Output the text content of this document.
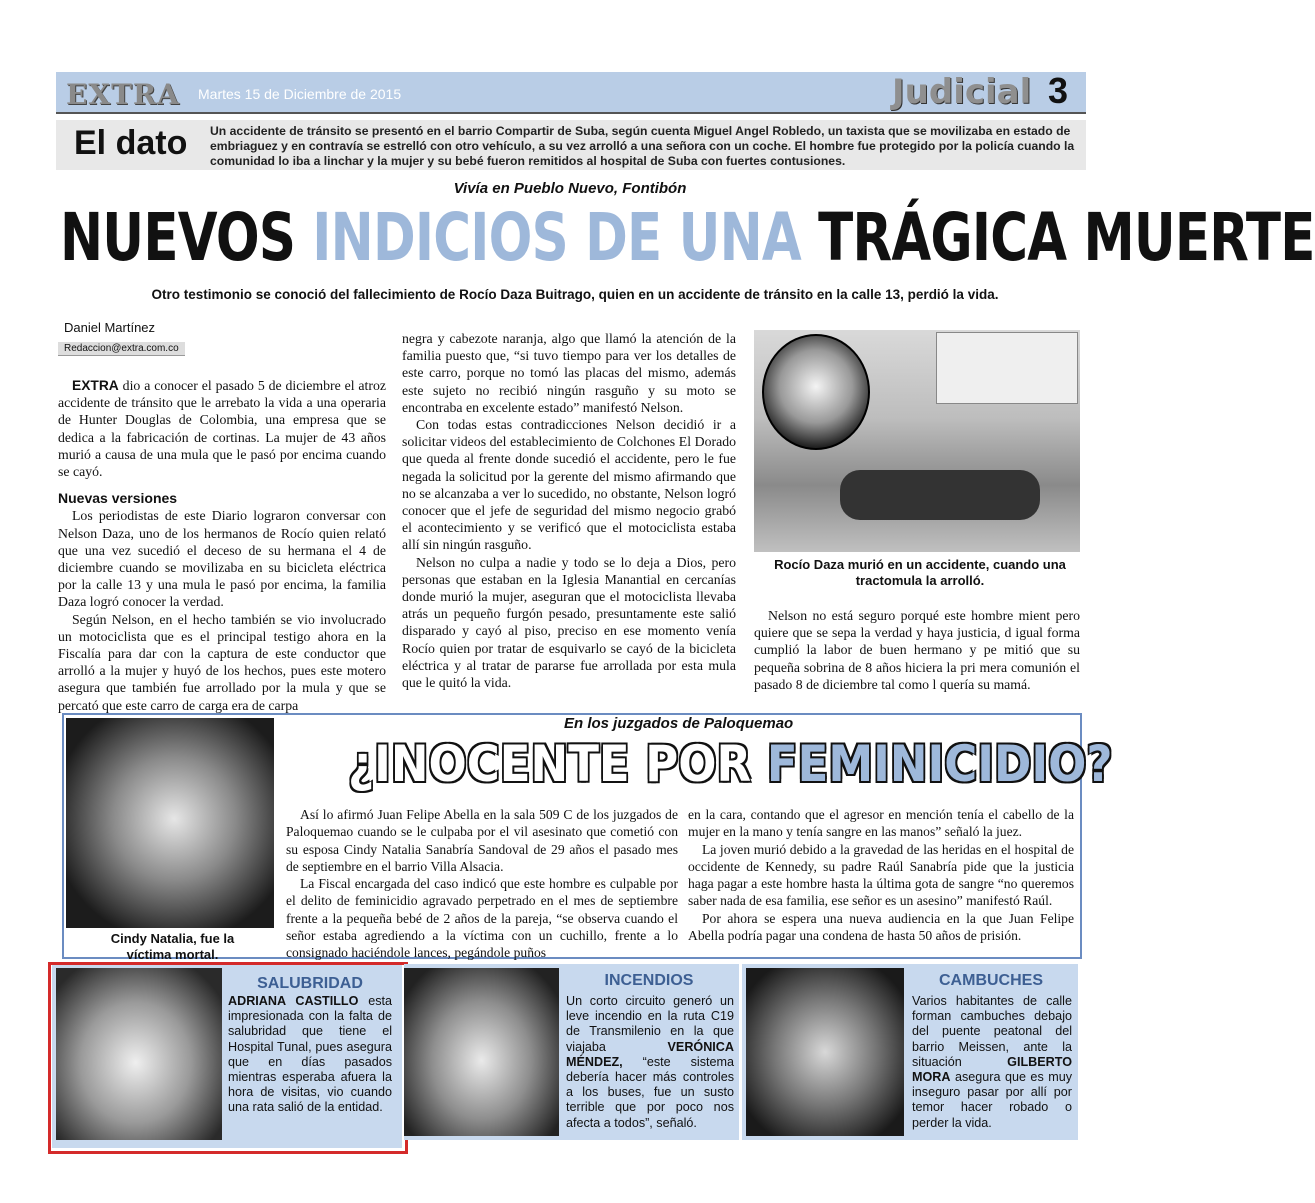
EXTRA Martes 15 de Diciembre de 2015	Judicial 3
El dato Un accidente de tránsito se presentó en el barrio Compartir de Suba, según cuenta Miguel Angel Robledo, un taxista que se movilizaba en estado de embriaguez y en contravía se estrelló con otro vehículo, a su vez arrolló a una señora con un coche. El hombre fue protegido por la policía cuando la comunidad lo iba a linchar y la mujer y su bebé fueron remitidos al hospital de Suba con fuertes contusiones.
Vivía en Pueblo Nuevo, Fontibón
NUEVOS INDICIOS DE UNA TRÁGICA MUERTE
Otro testimonio se conoció del fallecimiento de Rocío Daza Buitrago, quien en un accidente de tránsito en la calle 13, perdió la vida.
Daniel Martínez
Redaccion@extra.com.co

EXTRA dio a conocer el pasado 5 de diciembre el atroz accidente de tránsito que le arrebato la vida a una operaria de Hunter Douglas de Colombia, una empresa que se dedica a la fabricación de cortinas. La mujer de 43 años murió a causa de una mula que le pasó por encima cuando se cayó.

Nuevas versiones

Los periodistas de este Diario lograron conversar con Nelson Daza, uno de los hermanos de Rocío quien relató que una vez sucedió el deceso de su hermana el 4 de diciembre cuando se movilizaba en su bicicleta eléctrica por la calle 13 y una mula le pasó por encima, la familia Daza logró conocer la verdad.

Según Nelson, en el hecho también se vio involucrado un motociclista que es el principal testigo ahora en la Fiscalía para dar con la captura de este conductor que arrolló a la mujer y huyó de los hechos, pues este motero asegura que también fue arrollado por la mula y que se percató que este carro de carga era de carpa

negra y cabezote naranja, algo que llamó la atención de la familia puesto que, “si tuvo tiempo para ver los detalles de este carro, porque no tomó las placas del mismo, además este sujeto no recibió ningún rasguño y su moto se encontraba en excelente estado” manifestó Nelson.

Con todas estas contradicciones Nelson decidió ir a solicitar videos del establecimiento de Colchones El Dorado que queda al frente donde sucedió el accidente, pero le fue negada la solicitud por la gerente del mismo afirmando que no se alcanzaba a ver lo sucedido, no obstante, Nelson logró conocer que el jefe de seguridad del mismo negocio grabó el acontecimiento y se verificó que el motociclista estaba allí sin ningún rasguño.

Nelson no culpa a nadie y todo se lo deja a Dios, pero personas que estaban en la Iglesia Manantial en cercanías donde murió la mujer, aseguran que el motociclista llevaba atrás un pequeño furgón pesado, presuntamente este salió disparado y cayó al piso, preciso en ese momento venía Rocío quien por tratar de esquivarlo se cayó de la bicicleta eléctrica y al tratar de pararse fue arrollada por esta mula que le quitó la vida.

Rocío Daza murió en un accidente, cuando una tractomula la arrolló.

Nelson no está seguro porqué este hombre mient pero quiere que se sepa la verdad y haya justicia, d igual forma cumplió la labor de buen hermano y pe mitió que su pequeña sobrina de 8 años hiciera la pri mera comunión el pasado 8 de diciembre tal como l quería su mamá.

Cindy Natalia, fue la víctima mortal.
En los juzgados de Paloquemao
¿INOCENTE POR FEMINICIDIO?

Así lo afirmó Juan Felipe Abella en la sala 509 C de los juzgados de Paloquemao cuando se le culpaba por el vil asesinato que cometió con su esposa Cindy Natalia Sanabría Sandoval de 29 años el pasado mes de septiembre en el barrio Villa Alsacia.

La Fiscal encargada del caso indicó que este hombre es culpable por el delito de feminicidio agravado perpetrado en el mes de septiembre frente a la pequeña bebé de 2 años de la pareja, “se observa cuando el señor estaba agrediendo a la víctima con un cuchillo, frente a lo consignado haciéndole lances, pegándole puños

en la cara, contando que el agresor en mención tenía el cabello de la mujer en la mano y tenía sangre en las manos” señaló la juez.

La joven murió debido a la gravedad de las heridas en el hospital de occidente de Kennedy, su padre Raúl Sanabría pide que la justicia haga pagar a este hombre hasta la última gota de sangre “no queremos saber nada de esa familia, ese señor es un asesino” manifestó Raúl.

Por ahora se espera una nueva audiencia en la que Juan Felipe Abella podría pagar una condena de hasta 50 años de prisión.

SALUBRIDAD
ADRIANA CASTILLO esta impresionada con la falta de salubridad que tiene el Hospital Tunal, pues asegura que en días pasados mientras esperaba afuera la hora de visitas, vio cuando una rata salió de la entidad.
INCENDIOS
Un corto circuito generó un leve incendio en la ruta C19 de Transmilenio en la que viajaba	VERÓNICA MÉNDEZ, “este sistema debería hacer más controles a los buses, fue un susto terrible que por poco nos afecta a todos”, señaló.
CAMBUCHES
Varios habitantes de calle forman cambuches debajo del puente peatonal del barrio Meissen, ante la situación	GILBERTO MORA asegura que es muy inseguro pasar por allí por temor hacer robado o perder la vida.
